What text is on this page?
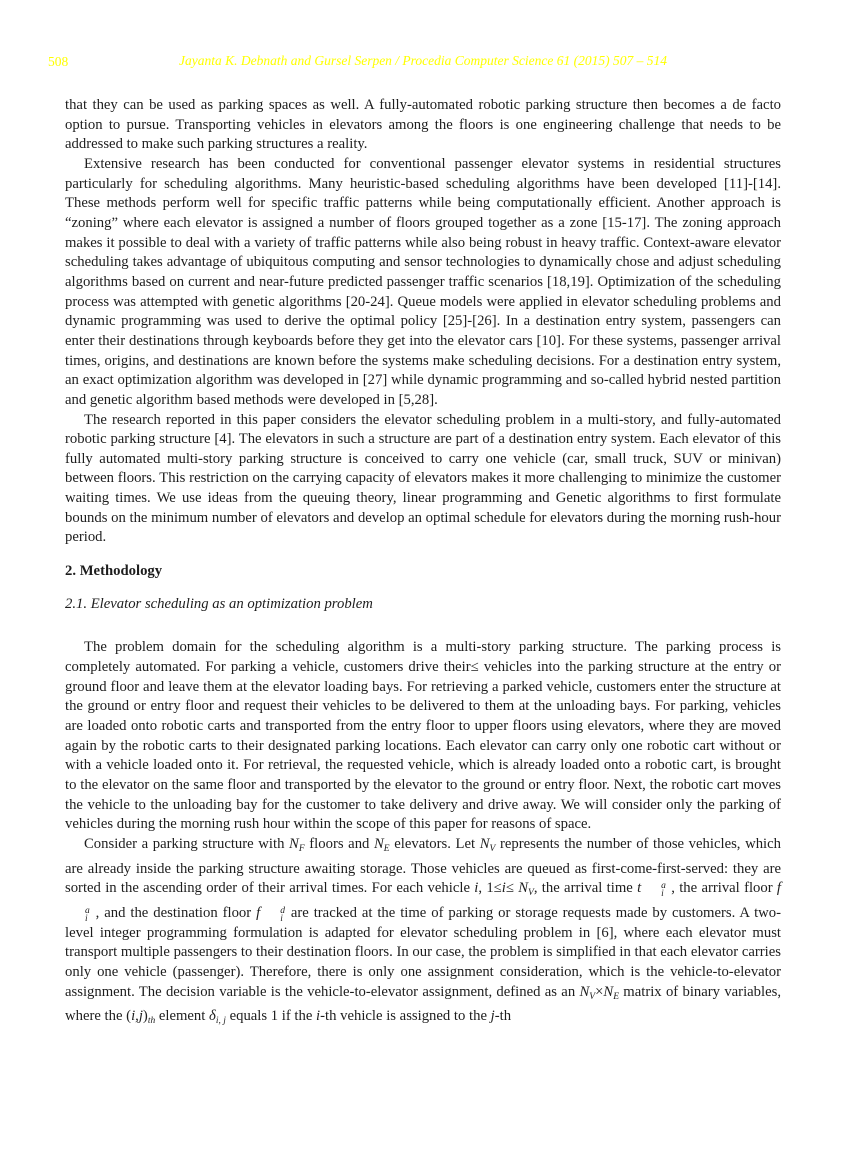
508	Jayanta K. Debnath and Gursel Serpen / Procedia Computer Science 61 (2015) 507 – 514

that they can be used as parking spaces as well. A fully-automated robotic parking structure then becomes a de facto option to pursue. Transporting vehicles in elevators among the floors is one engineering challenge that needs to be addressed to make such parking structures a reality.

Extensive research has been conducted for conventional passenger elevator systems in residential structures particularly for scheduling algorithms. Many heuristic-based scheduling algorithms have been developed [11]-[14]. These methods perform well for specific traffic patterns while being computationally efficient. Another approach is “zoning” where each elevator is assigned a number of floors grouped together as a zone [15-17]. The zoning approach makes it possible to deal with a variety of traffic patterns while also being robust in heavy traffic. Context-aware elevator scheduling takes advantage of ubiquitous computing and sensor technologies to dynamically chose and adjust scheduling algorithms based on current and near-future predicted passenger traffic scenarios [18,19]. Optimization of the scheduling process was attempted with genetic algorithms [20-24]. Queue models were applied in elevator scheduling problems and dynamic programming was used to derive the optimal policy [25]-[26]. In a destination entry system, passengers can enter their destinations through keyboards before they get into the elevator cars [10]. For these systems, passenger arrival times, origins, and destinations are known before the systems make scheduling decisions. For a destination entry system, an exact optimization algorithm was developed in [27] while dynamic programming and so-called hybrid nested partition and genetic algorithm based methods were developed in [5,28].

The research reported in this paper considers the elevator scheduling problem in a multi-story, and fully-automated robotic parking structure [4]. The elevators in such a structure are part of a destination entry system. Each elevator of this fully automated multi-story parking structure is conceived to carry one vehicle (car, small truck, SUV or minivan) between floors. This restriction on the carrying capacity of elevators makes it more challenging to minimize the customer waiting times. We use ideas from the queuing theory, linear programming and Genetic algorithms to first formulate bounds on the minimum number of elevators and develop an optimal schedule for elevators during the morning rush-hour period.

2. Methodology
2.1. Elevator scheduling as an optimization problem

The problem domain for the scheduling algorithm is a multi-story parking structure. The parking process is completely automated. For parking a vehicle, customers drive their≤ vehicles into the parking structure at the entry or ground floor and leave them at the elevator loading bays. For retrieving a parked vehicle, customers enter the structure at the ground or entry floor and request their vehicles to be delivered to them at the unloading bays. For parking, vehicles are loaded onto robotic carts and transported from the entry floor to upper floors using elevators, where they are moved again by the robotic carts to their designated parking locations. Each elevator can carry only one robotic cart without or with a vehicle loaded onto it. For retrieval, the requested vehicle, which is already loaded onto a robotic cart, is brought to the elevator on the same floor and transported by the elevator to the ground or entry floor. Next, the robotic cart moves the vehicle to the unloading bay for the customer to take delivery and drive away. We will consider only the parking of vehicles during the morning rush hour within the scope of this paper for reasons of space.

Consider a parking structure with $N_F$ floors and $N_E$ elevators. Let $N_V$ represents the number of those vehicles, which are already inside the parking structure awaiting storage. Those vehicles are queued as first-come-first-served: they are sorted in the ascending order of their arrival times. For each vehicle i, $1\le i\le N_V$, the arrival time t	a
i , the arrival floor f
a
i , and the destination floor f	d
i are tracked at the time of parking or storage requests made by customers. A two-level integer programming formulation is adapted for elevator scheduling problem in [6], where each elevator must transport multiple passengers to their destination floors. In our case, the problem is simplified in that each elevator carries only one vehicle (passenger). Therefore, there is only one assignment consideration, which is the vehicle-to-elevator assignment. The decision variable is the vehicle-to-elevator assignment, defined as an $N_V\times N_E$ matrix of binary variables, where the $(i,j)_{th}$ element $\delta_{i, j}$ equals 1 if the i-th vehicle is assigned to the j-th
